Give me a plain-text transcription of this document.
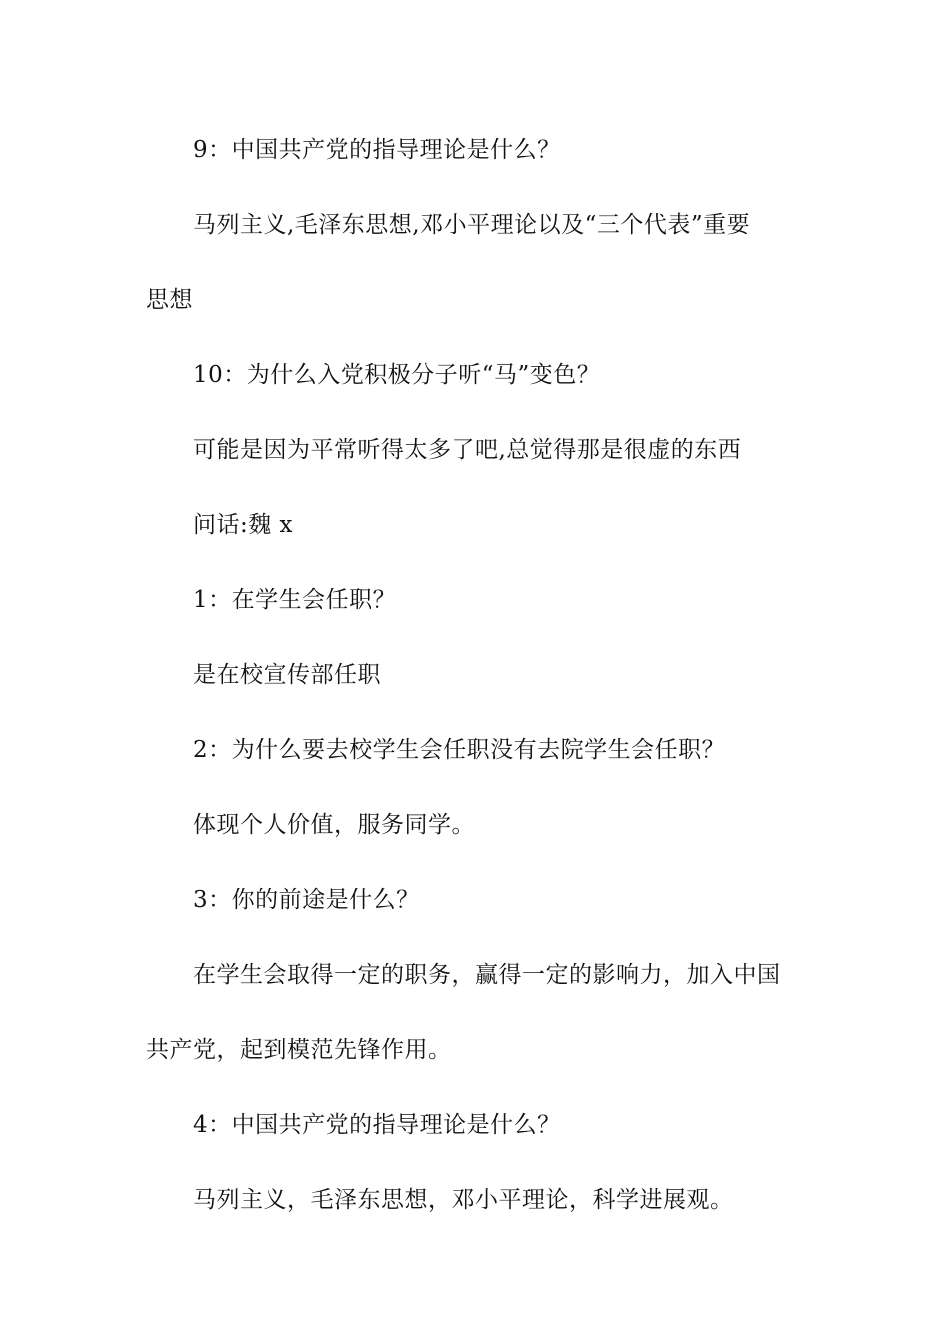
9：中国共产党的指导理论是什么？
马列主义,毛泽东思想,邓小平理论以及“三个代表”重要
思想
10：为什么入党积极分子听“马”变色？
可能是因为平常听得太多了吧,总觉得那是很虚的东西
问话:魏 x
1：在学生会任职？
是在校宣传部任职
2：为什么要去校学生会任职没有去院学生会任职？
体现个人价值，服务同学。
3：你的前途是什么？
在学生会取得一定的职务，赢得一定的影响力，加入中国
共产党，起到模范先锋作用。
4：中国共产党的指导理论是什么？
马列主义，毛泽东思想，邓小平理论，科学进展观。
